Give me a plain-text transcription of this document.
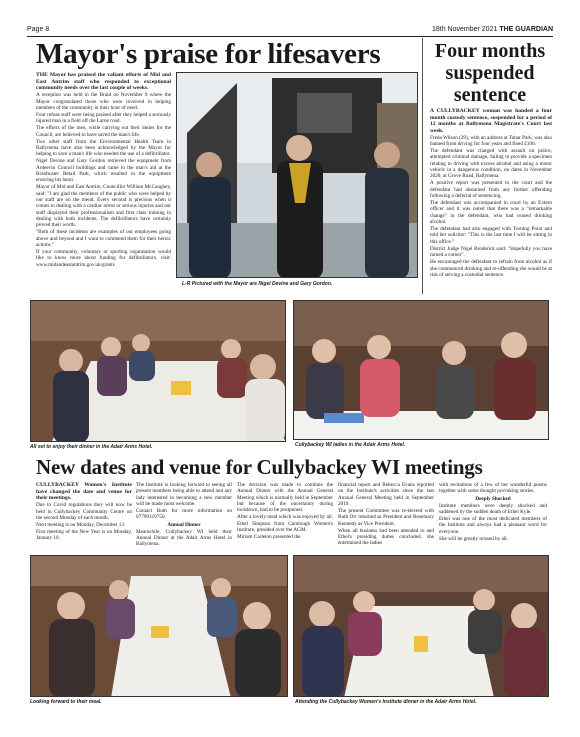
Page 8	18th November 2021 THE GUARDIAN
Mayor's praise for lifesavers

THE Mayor has praised the valiant efforts of Mid and East Antrim staff who responded to exceptional community needs over the last couple of weeks.

A reception was held in the Braid on November 9 where the Mayor congratulated those who were involved in helping members of the community in their hour of need.

Four refuse staff were being praised after they helped a seriously injured man in a field off the Larne road.

The efforts of the men, while carrying out their duties for the Council, are believed to have saved the man's life.

Two other staff from the Environmental Health Team in Ballymena have also been acknowledged by the Mayor for helping to save a man's life who needed the use of a defibrillator.

Nigel Devine and Gary Gordon retrieved the equipment from Ardeevin Council buildings and came to the man's aid at the Braidwater Retail Park, which resulted in the equipment ensuring his heart.

Mayor of Mid and East Antrim, Councillor William McCaughey, said: "I am glad the members of the public who were helped by our staff are on the mend. Every second is precious when it comes to dealing with a cardiac arrest or serious injuries and our staff displayed their professionalism and first class training in dealing with both incidents. The defibrillators have certainly proved their worth.

"Both of these incidents are examples of our employees going above and beyond and I want to commend them for their heroic actions."

If your community, voluntary or sporting organisation would like to know more about funding for defibrillators, visit: www.midandeastantrim.gov.uk/grants

L-R Pictured with the Mayor are Nigel Devine and Gary Gordon.
Four months suspended sentence

A CULLYBACKEY woman was handed a four month custody sentence, suspended for a period of 12 months at Ballymena Magistrate's Court last week.

Freda Wilson (29), with an address at Tobar Park, was also banned from driving for four years and fined £100.

The defendant was charged with assault on police, attempted criminal damage, failing to provide a specimen relating to driving with excess alcohol and using a motor vehicle in a dangerous condition, on dates in November 2020, at Grove Road, Ballymena.

A positive report was presented to the court and the defendant had abstained from any further offending following a deferral of sentencing.

The defendant was accompanied in court by an Extern officer and it was noted that there was a "remarkable change" in the defendant, who had ceased drinking alcohol.

The defendant had also engaged with Turning Point and told her solicitor: "This is the last time I will be sitting in this office."

District Judge Nigel Broderick said: "Hopefully you have turned a corner".

He encouraged the defendant to refrain from alcohol as if she commenced drinking and re-offending she would be at risk of serving a custodial sentence.

All set to enjoy their dinner in the Adair Arms Hotel.	Cullybackey WI ladies in the Adair Arms Hotel.
New dates and venue for Cullybackey WI meetings

CULLYBACKEY Women's Institute have changed the date and venue for their meetings.

Due to Covid regulations they will now be held in Cullybackey Community Centre on the second Monday of each month.

Next meeting is on Monday, December 13.

First meeting of the New Year is on Monday, January 10.

The Institute is looking forward to seeing all present members being able to attend and any lady interested in becoming a new member will be made most welcome.

Contact Ruth for more information on 07790319750.

Annual Dinner

Meanwhile, Cullybackey WI held their Annual Dinner at the Adair Arms Hotel in Ballymena.

The decision was made to combine the Annual Dinner with the Annual General Meeting which is normally held in September but because of the uncertainty during lockdown, had to be postponed.

After a lovely meal which was enjoyed by all, Ethel Simpson from Carnlough Women's Institute, presided over the AGM.

Miriam Carleton presented the

financial report and Rebecca Evans reported on the Institute's activities since the last Annual General Meeting held in September 2019.

The present Committee was re-elected with Ruth Orr returned as President and Rosemary Kennedy as Vice President.

When all business had been attended to and Ethel's presiding duties concluded, she entertained the ladies

with recitations of a few of her wonderful poems together with some thought provoking stories.

Deeply Shocked

Institute members were deeply shocked and saddened by the sudden death of Ethel Kyle.

Ethel was one of the most dedicated members of the Institute and always had a pleasant word for everyone.

She will be greatly missed by all.

Looking forward to their meal.	Attending the Cullybackey Women's Institute dinner in the Adair Arms Hotel.
